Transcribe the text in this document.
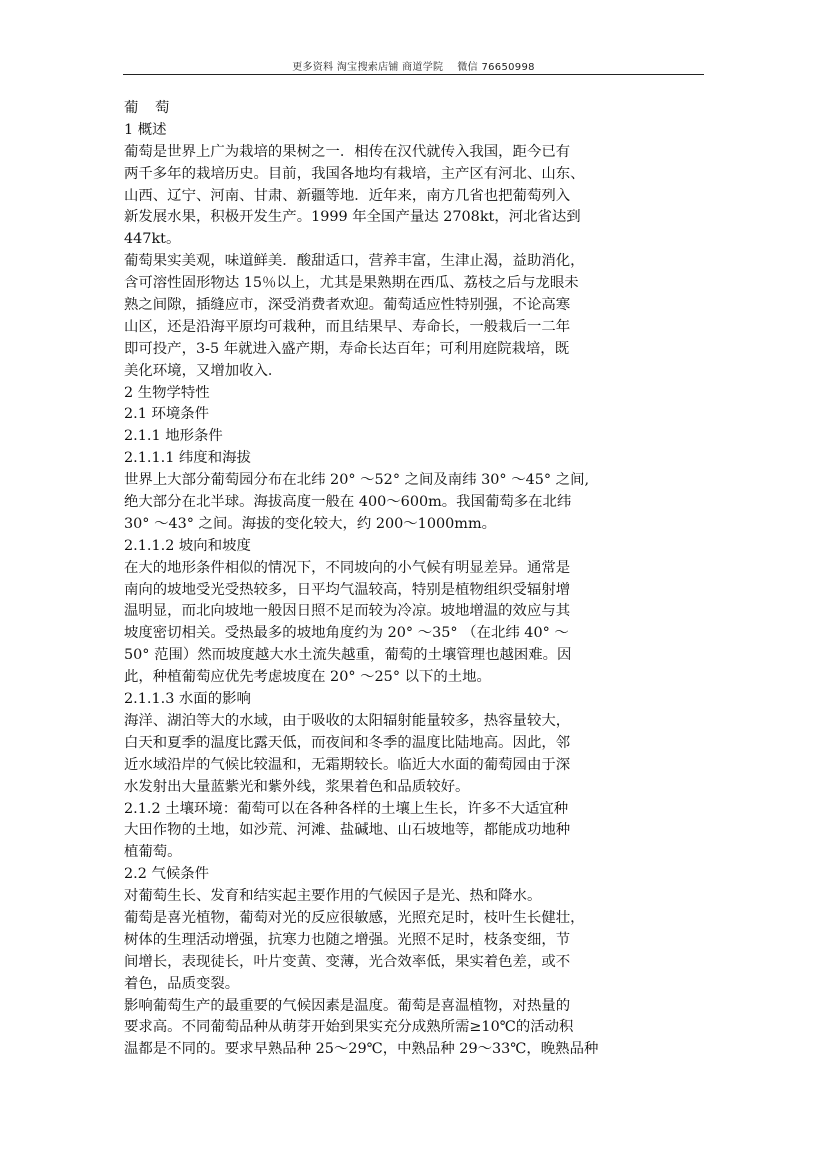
更多资料 淘宝搜索店铺 商道学院 微信 76650998
葡 萄
1 概述
葡萄是世界上广为栽培的果树之一．相传在汉代就传入我国，距今已有
两千多年的栽培历史。目前，我国各地均有栽培，主产区有河北、山东、
山西、辽宁、河南、甘肃、新疆等地．近年来，南方几省也把葡萄列入
新发展水果，积极开发生产。1999 年全国产量达 2708kt，河北省达到
447kt。
葡萄果实美观，味道鲜美．酸甜适口，营养丰富，生津止渴，益助消化，
含可溶性固形物达 15％以上，尤其是果熟期在西瓜、荔枝之后与龙眼未
熟之间隙，插缝应市，深受消费者欢迎。葡萄适应性特别强，不论高寒
山区，还是沿海平原均可栽种，而且结果早、寿命长，一般栽后一二年
即可投产，3-5 年就进入盛产期，寿命长达百年；可利用庭院栽培，既
美化环境，又增加收入．
2 生物学特性
2.1 环境条件
2.1.1 地形条件
2.1.1.1 纬度和海拔
世界上大部分葡萄园分布在北纬 20° ～52° 之间及南纬 30° ～45° 之间,
绝大部分在北半球。海拔高度一般在 400～600m。我国葡萄多在北纬
30° ～43° 之间。海拔的变化较大，约 200～1000mm。
2.1.1.2 坡向和坡度
在大的地形条件相似的情况下，不同坡向的小气候有明显差异。通常是
南向的坡地受光受热较多，日平均气温较高，特别是植物组织受辐射增
温明显，而北向坡地一般因日照不足而较为冷凉。坡地增温的效应与其
坡度密切相关。受热最多的坡地角度约为 20° ～35° （在北纬 40° ～
50° 范围）然而坡度越大水土流失越重，葡萄的土壤管理也越困难。因
此，种植葡萄应优先考虑坡度在 20° ～25° 以下的土地。
2.1.1.3 水面的影响
海洋、湖泊等大的水域，由于吸收的太阳辐射能量较多，热容量较大，
白天和夏季的温度比露天低，而夜间和冬季的温度比陆地高。因此，邻
近水域沿岸的气候比较温和，无霜期较长。临近大水面的葡萄园由于深
水发射出大量蓝紫光和紫外线，浆果着色和品质较好。
2.1.2 土壤环境：葡萄可以在各种各样的土壤上生长，许多不大适宜种
大田作物的土地，如沙荒、河滩、盐碱地、山石坡地等，都能成功地种
植葡萄。
2.2 气候条件
对葡萄生长、发育和结实起主要作用的气候因子是光、热和降水。
葡萄是喜光植物，葡萄对光的反应很敏感，光照充足时，枝叶生长健壮，
树体的生理活动增强，抗寒力也随之增强。光照不足时，枝条变细，节
间增长，表现徒长，叶片变黄、变薄，光合效率低，果实着色差，或不
着色，品质变裂。
影响葡萄生产的最重要的气候因素是温度。葡萄是喜温植物，对热量的
要求高。不同葡萄品种从萌芽开始到果实充分成熟所需≥10℃的活动积
温都是不同的。要求早熟品种 25～29℃，中熟品种 29～33℃，晚熟品种
